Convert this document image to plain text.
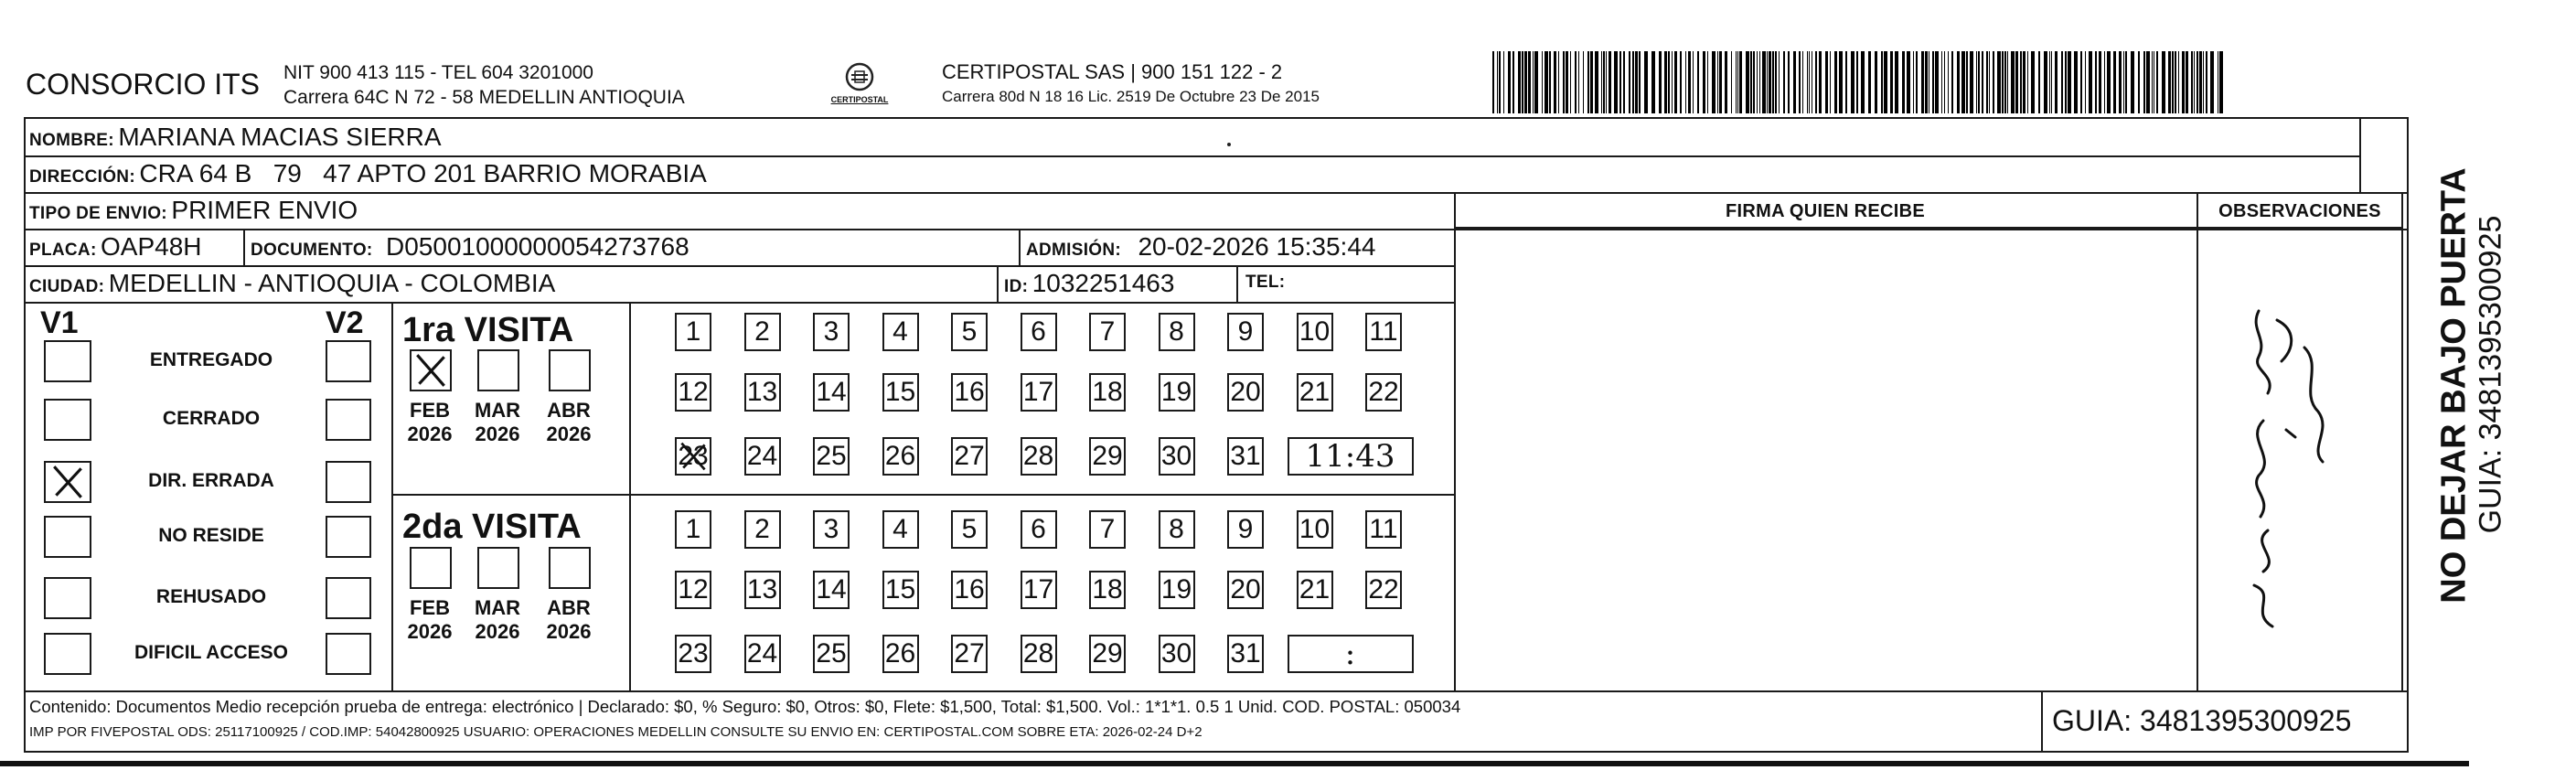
CONSORCIO ITS NIT 900 413 115 - TEL 604 3201000
Carrera 64C N 72 - 58 MEDELLIN ANTIOQUIA	CERTIPOSTAL
CERTIPOSTAL SAS | 900 151 122 - 2
Carrera 80d N 18 16 Lic. 2519 De Octubre 23 De 2015
NOMBRE: MARIANA MACIAS SIERRA
DIRECCIÓN: CRA 64 B   79   47 APTO 201 BARRIO MORABIA
TIPO DE ENVIO: PRIMER ENVIO	FIRMA QUIEN RECIBE	OBSERVACIONES
PLACA: OAP48H	DOCUMENTO: D05001000000054273768	ADMISIÓN: 20-02-2026 15:35:44
CIUDAD: MEDELLIN - ANTIOQUIA - COLOMBIA	ID: 1032251463	TEL:
V1	V2
ENTREGADO
CERRADO
DIR. ERRADA
NO RESIDE
REHUSADO
DIFICIL ACCESO
1ra VISITA
FEB
2026
MAR
2026
ABR
2026
1	2	3	4	5	6	7	8	9	10 11
12 13 14 15 16 17 18 19 20 21 22
23 24 25 26 27 28 29 30 31	11:43
2da VISITA
FEB
2026
MAR
2026
ABR
2026
1	2	3	4	5	6	7	8	9	10 11
12 13 14 15 16 17 18 19 20 21 22
23 24 25 26 27 28 29 30 31	:
Contenido: Documentos Medio recepción prueba de entrega: electrónico | Declarado: $0, % Seguro: $0, Otros: $0, Flete: $1,500, Total: $1,500. Vol.: 1*1*1. 0.5 1 Unid. COD. POSTAL: 050034
IMP POR FIVEPOSTAL ODS: 25117100925 / COD.IMP: 54042800925 USUARIO: OPERACIONES MEDELLIN CONSULTE SU ENVIO EN: CERTIPOSTAL.COM SOBRE ETA: 2026-02-24 D+2	GUIA: 3481395300925
NO DEJAR BAJO PUERTA GUIA: 3481395300925
